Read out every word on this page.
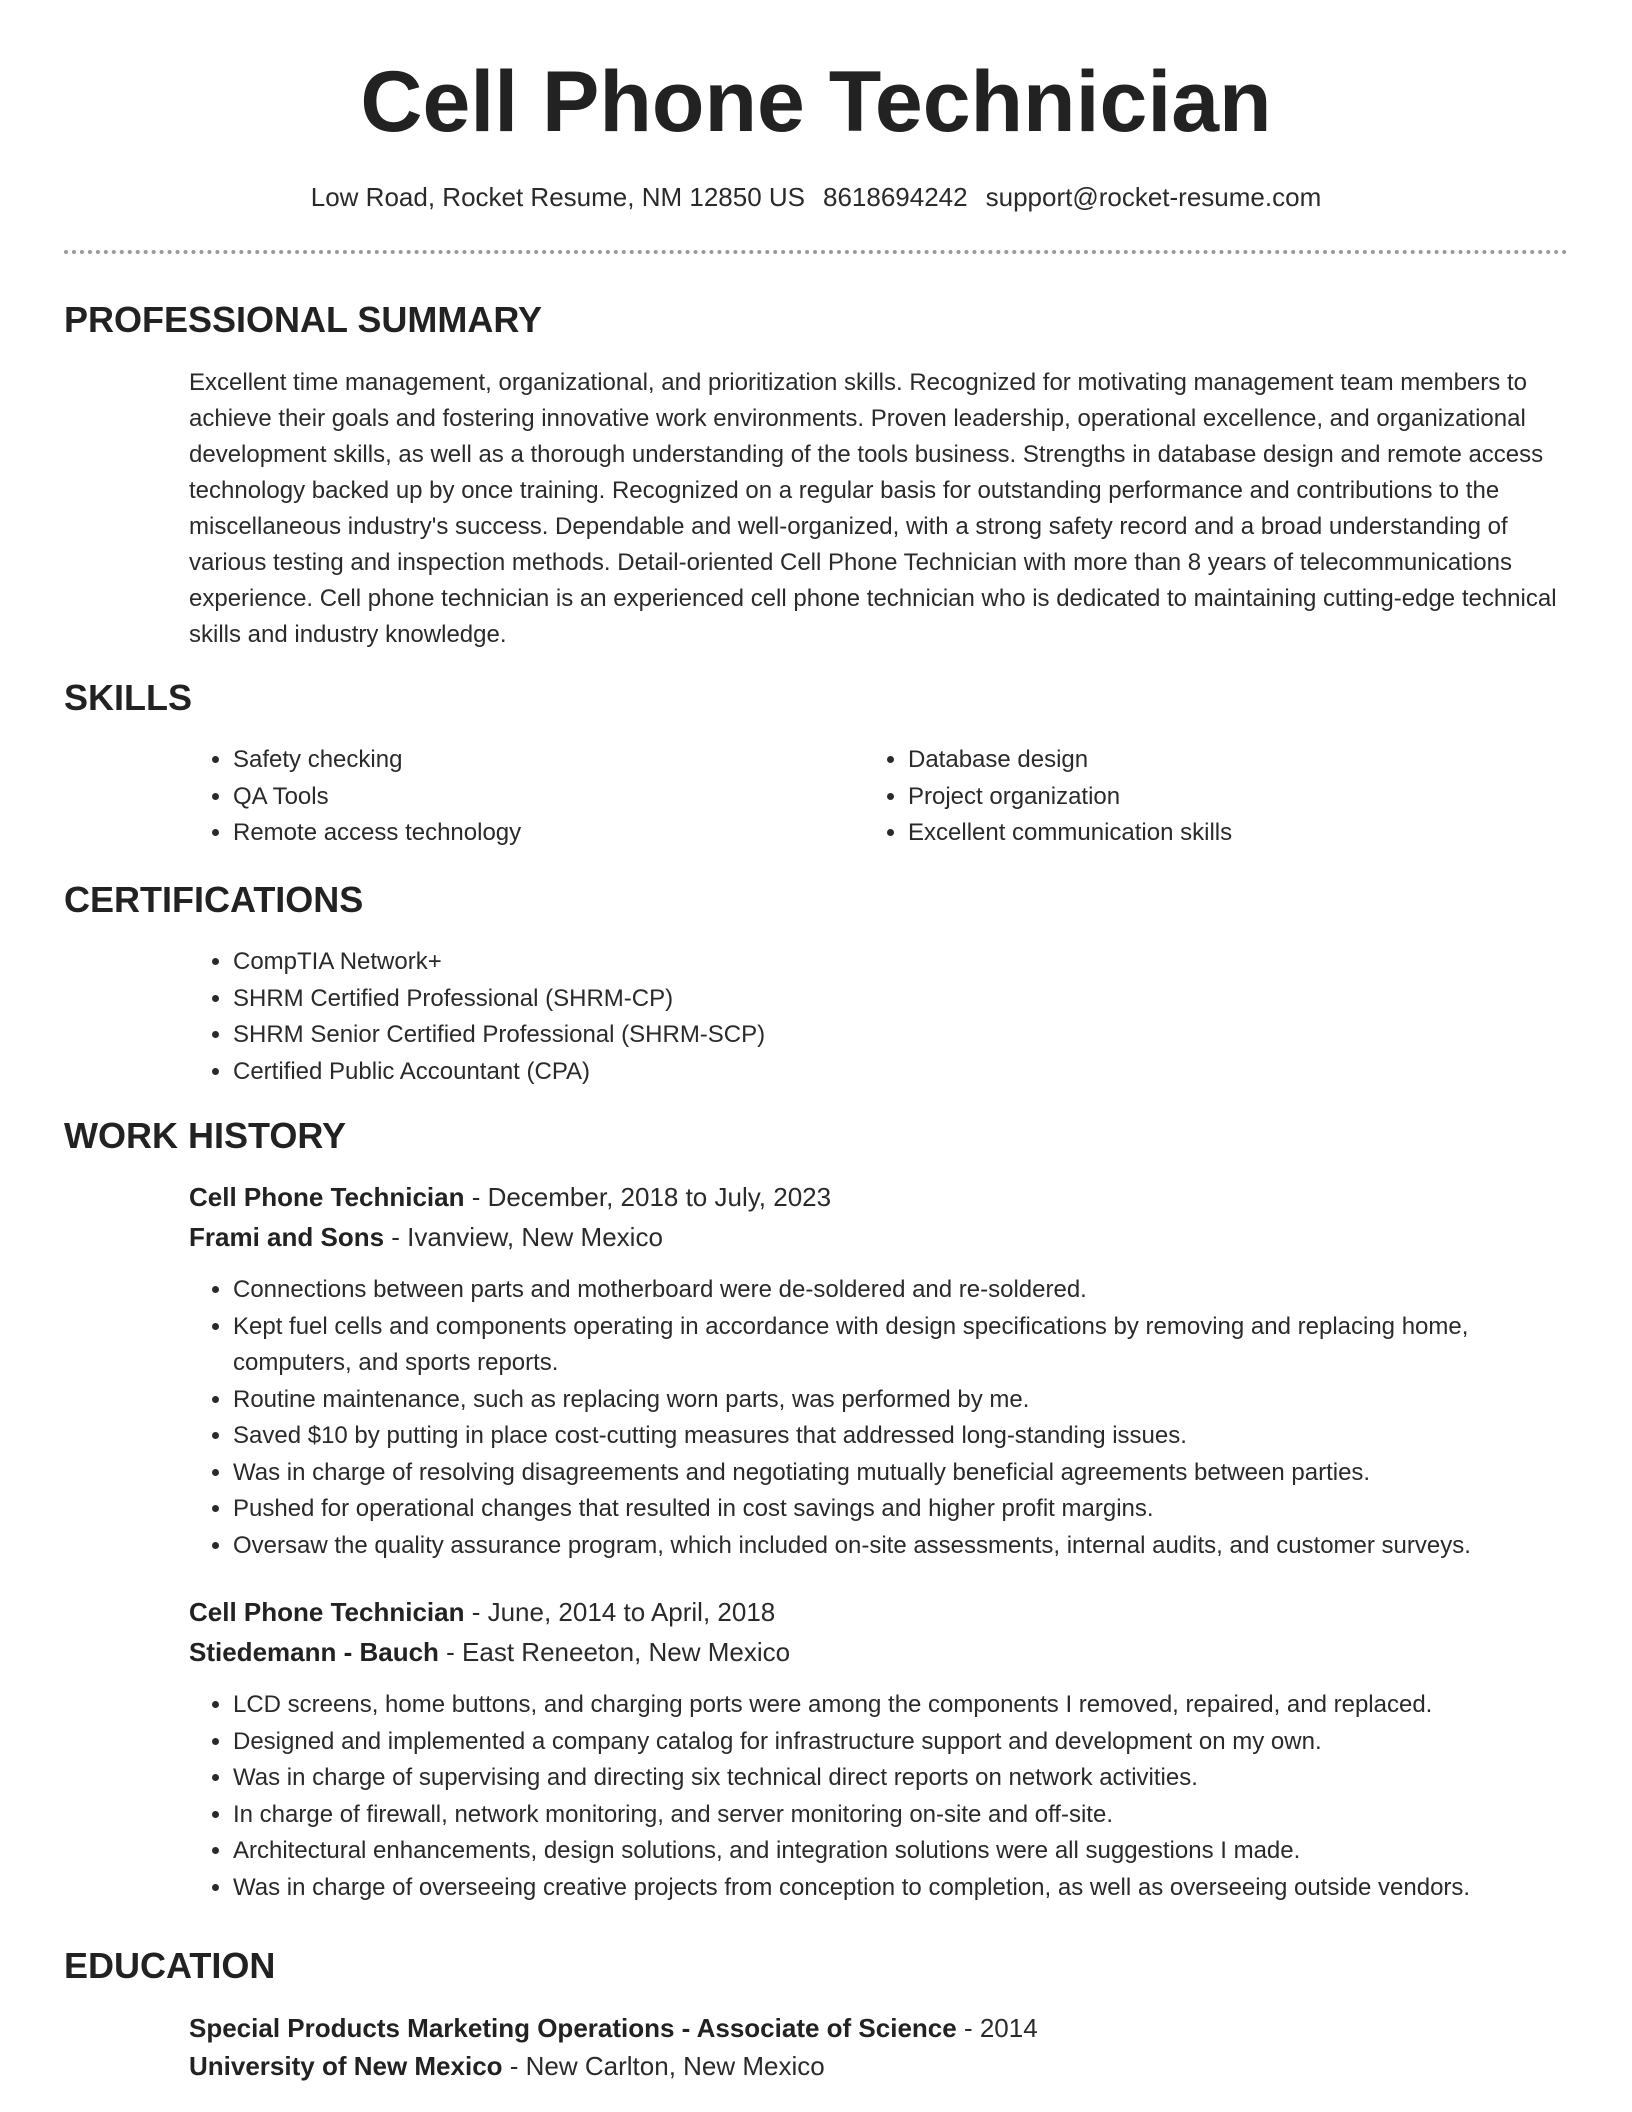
Cell Phone Technician
Low Road, Rocket Resume, NM 12850 US 8618694242 support@rocket-resume.com
PROFESSIONAL SUMMARY

Excellent time management, organizational, and prioritization skills. Recognized for motivating management team members to achieve their goals and fostering innovative work environments. Proven leadership, operational excellence, and organizational development skills, as well as a thorough understanding of the tools business. Strengths in database design and remote access technology backed up by once training. Recognized on a regular basis for outstanding performance and contributions to the miscellaneous industry's success. Dependable and well-organized, with a strong safety record and a broad understanding of various testing and inspection methods. Detail-oriented Cell Phone Technician with more than 8 years of telecommunications experience. Cell phone technician is an experienced cell phone technician who is dedicated to maintaining cutting-edge technical skills and industry knowledge.

SKILLS
• Safety checking
• QA Tools
• Remote access technology
• Database design
• Project organization
• Excellent communication skills
CERTIFICATIONS
• CompTIA Network+
• SHRM Certified Professional (SHRM-CP)
• SHRM Senior Certified Professional (SHRM-SCP)
• Certified Public Accountant (CPA)
WORK HISTORY
Cell Phone Technician - December, 2018 to July, 2023
Frami and Sons - Ivanview, New Mexico
• Connections between parts and motherboard were de-soldered and re-soldered.
• Kept fuel cells and components operating in accordance with design specifications by removing and replacing home, computers, and sports reports.
• Routine maintenance, such as replacing worn parts, was performed by me.
• Saved $10 by putting in place cost-cutting measures that addressed long-standing issues.
• Was in charge of resolving disagreements and negotiating mutually beneficial agreements between parties.
• Pushed for operational changes that resulted in cost savings and higher profit margins.
• Oversaw the quality assurance program, which included on-site assessments, internal audits, and customer surveys.
Cell Phone Technician - June, 2014 to April, 2018
Stiedemann - Bauch - East Reneeton, New Mexico
• LCD screens, home buttons, and charging ports were among the components I removed, repaired, and replaced.
• Designed and implemented a company catalog for infrastructure support and development on my own.
• Was in charge of supervising and directing six technical direct reports on network activities.
• In charge of firewall, network monitoring, and server monitoring on-site and off-site.
• Architectural enhancements, design solutions, and integration solutions were all suggestions I made.
• Was in charge of overseeing creative projects from conception to completion, as well as overseeing outside vendors.
EDUCATION
Special Products Marketing Operations - Associate of Science - 2014
University of New Mexico - New Carlton, New Mexico
